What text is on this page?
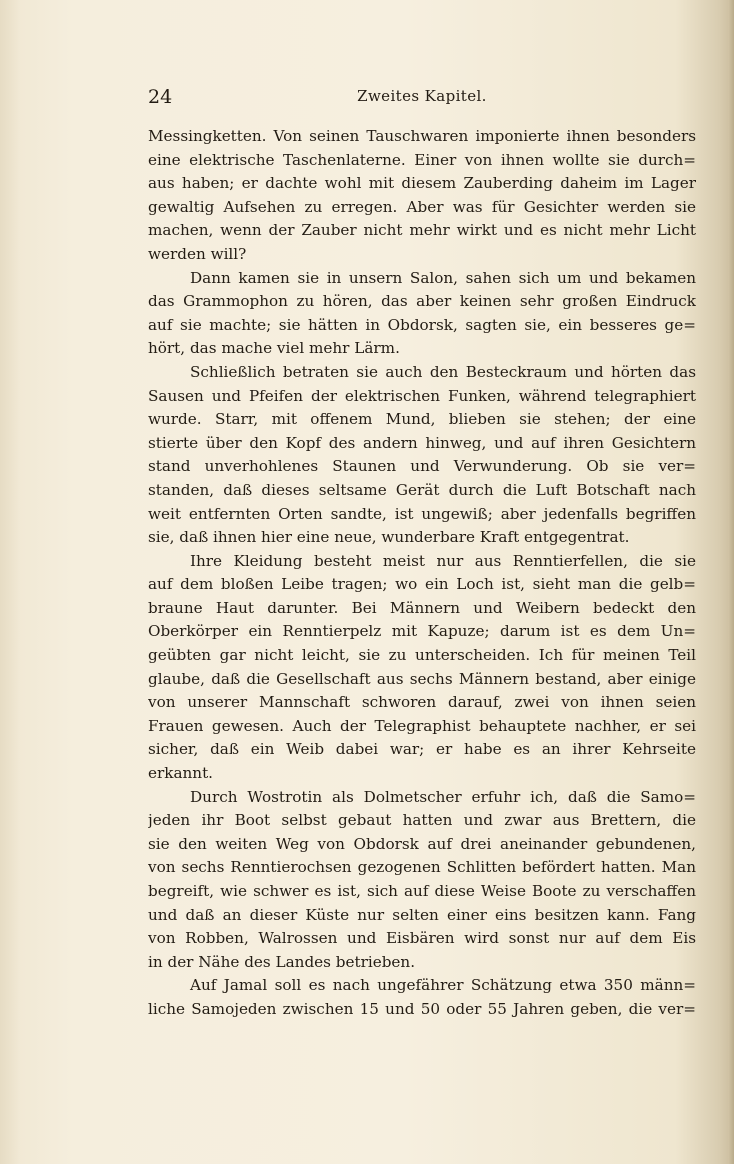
24	Zweites Kapitel.
Messingketten. Von seinen Tauschwaren imponierte ihnen besonders
eine elektrische Taschenlaterne. Einer von ihnen wollte sie durch=
aus haben; er dachte wohl mit diesem Zauberding daheim im Lager
gewaltig Aufsehen zu erregen. Aber was für Gesichter werden sie
machen, wenn der Zauber nicht mehr wirkt und es nicht mehr Licht
werden will?
Dann kamen sie in unsern Salon, sahen sich um und bekamen
das Grammophon zu hören, das aber keinen sehr großen Eindruck
auf sie machte; sie hätten in Obdorsk, sagten sie, ein besseres ge=
hört, das mache viel mehr Lärm.
Schließlich betraten sie auch den Besteckraum und hörten das
Sausen und Pfeifen der elektrischen Funken, während telegraphiert
wurde. Starr, mit offenem Mund, blieben sie stehen; der eine
stierte über den Kopf des andern hinweg, und auf ihren Gesichtern
stand unverhohlenes Staunen und Verwunderung. Ob sie ver=
standen, daß dieses seltsame Gerät durch die Luft Botschaft nach
weit entfernten Orten sandte, ist ungewiß; aber jedenfalls begriffen
sie, daß ihnen hier eine neue, wunderbare Kraft entgegentrat.
Ihre Kleidung besteht meist nur aus Renntierfellen, die sie
auf dem bloßen Leibe tragen; wo ein Loch ist, sieht man die gelb=
braune Haut darunter. Bei Männern und Weibern bedeckt den
Oberkörper ein Renntierpelz mit Kapuze; darum ist es dem Un=
geübten gar nicht leicht, sie zu unterscheiden. Ich für meinen Teil
glaube, daß die Gesellschaft aus sechs Männern bestand, aber einige
von unserer Mannschaft schworen darauf, zwei von ihnen seien
Frauen gewesen. Auch der Telegraphist behauptete nachher, er sei
sicher, daß ein Weib dabei war; er habe es an ihrer Kehrseite
erkannt.
Durch Wostrotin als Dolmetscher erfuhr ich, daß die Samo=
jeden ihr Boot selbst gebaut hatten und zwar aus Brettern, die
sie den weiten Weg von Obdorsk auf drei aneinander gebundenen,
von sechs Renntierochsen gezogenen Schlitten befördert hatten. Man
begreift, wie schwer es ist, sich auf diese Weise Boote zu verschaffen
und daß an dieser Küste nur selten einer eins besitzen kann. Fang
von Robben, Walrossen und Eisbären wird sonst nur auf dem Eis
in der Nähe des Landes betrieben.
Auf Jamal soll es nach ungefährer Schätzung etwa 350 männ=
liche Samojeden zwischen 15 und 50 oder 55 Jahren geben, die ver=
